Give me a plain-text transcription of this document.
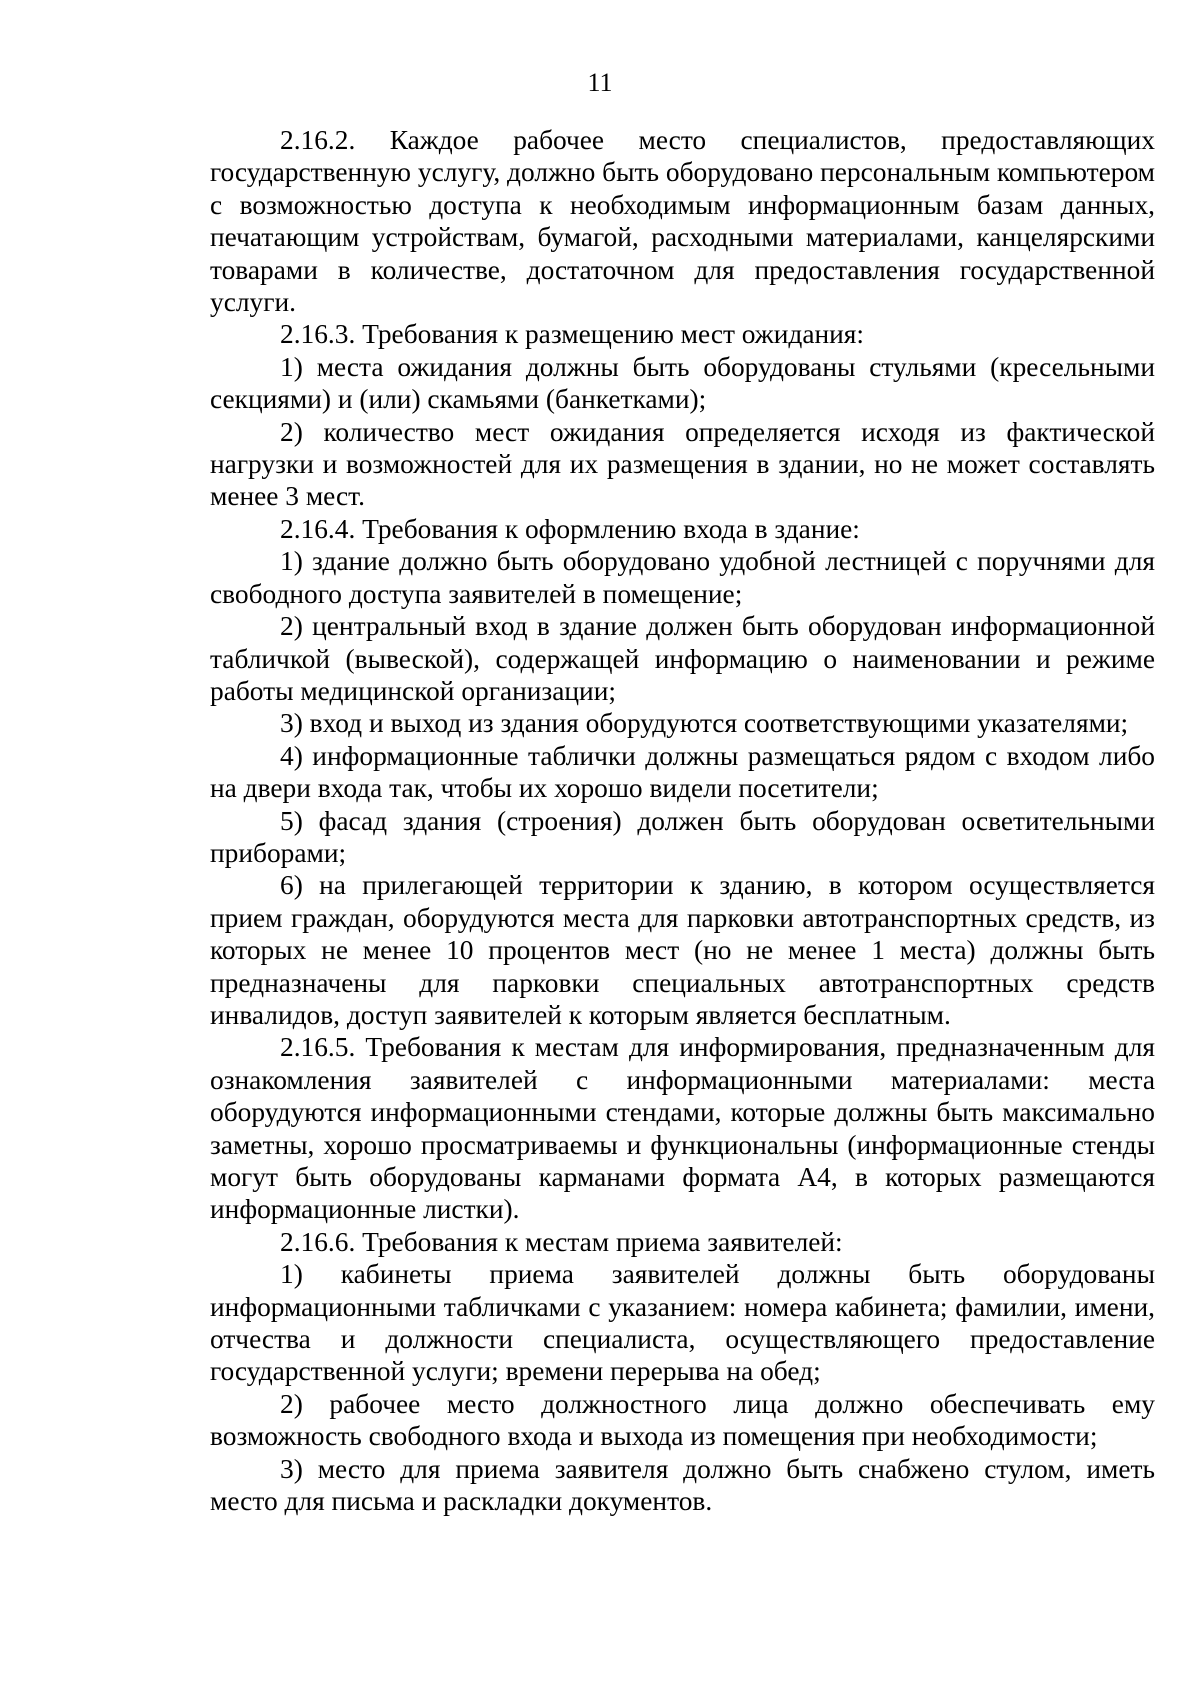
11

2.16.2. Каждое рабочее место специалистов, предоставляющих государственную услугу, должно быть оборудовано персональным компьютером с возможностью доступа к необходимым информационным базам данных, печатающим устройствам, бумагой, расходными материалами, канцелярскими товарами в количестве, достаточном для предоставления государственной услуги.

2.16.3. Требования к размещению мест ожидания:

1) места ожидания должны быть оборудованы стульями (кресельными секциями) и (или) скамьями (банкетками);

2) количество мест ожидания определяется исходя из фактической нагрузки и возможностей для их размещения в здании, но не может составлять менее 3 мест.

2.16.4. Требования к оформлению входа в здание:

1) здание должно быть оборудовано удобной лестницей с поручнями для свободного доступа заявителей в помещение;

2) центральный вход в здание должен быть оборудован информационной табличкой (вывеской), содержащей информацию о наименовании и режиме работы медицинской организации;

3) вход и выход из здания оборудуются соответствующими указателями;

4) информационные таблички должны размещаться рядом с входом либо на двери входа так, чтобы их хорошо видели посетители;

5) фасад здания (строения) должен быть оборудован осветительными приборами;

6) на прилегающей территории к зданию, в котором осуществляется прием граждан, оборудуются места для парковки автотранспортных средств, из которых не менее 10 процентов мест (но не менее 1 места) должны быть предназначены для парковки специальных автотранспортных средств инвалидов, доступ заявителей к которым является бесплатным.

2.16.5. Требования к местам для информирования, предназначенным для ознакомления заявителей с информационными материалами: места оборудуются информационными стендами, которые должны быть максимально заметны, хорошо просматриваемы и функциональны (информационные стенды могут быть оборудованы карманами формата А4, в которых размещаются информационные листки).

2.16.6. Требования к местам приема заявителей:

1) кабинеты приема заявителей должны быть оборудованы информационными табличками с указанием: номера кабинета; фамилии, имени, отчества и должности специалиста, осуществляющего предоставление государственной услуги; времени перерыва на обед;

2) рабочее место должностного лица должно обеспечивать ему возможность свободного входа и выхода из помещения при необходимости;

3) место для приема заявителя должно быть снабжено стулом, иметь место для письма и раскладки документов.
